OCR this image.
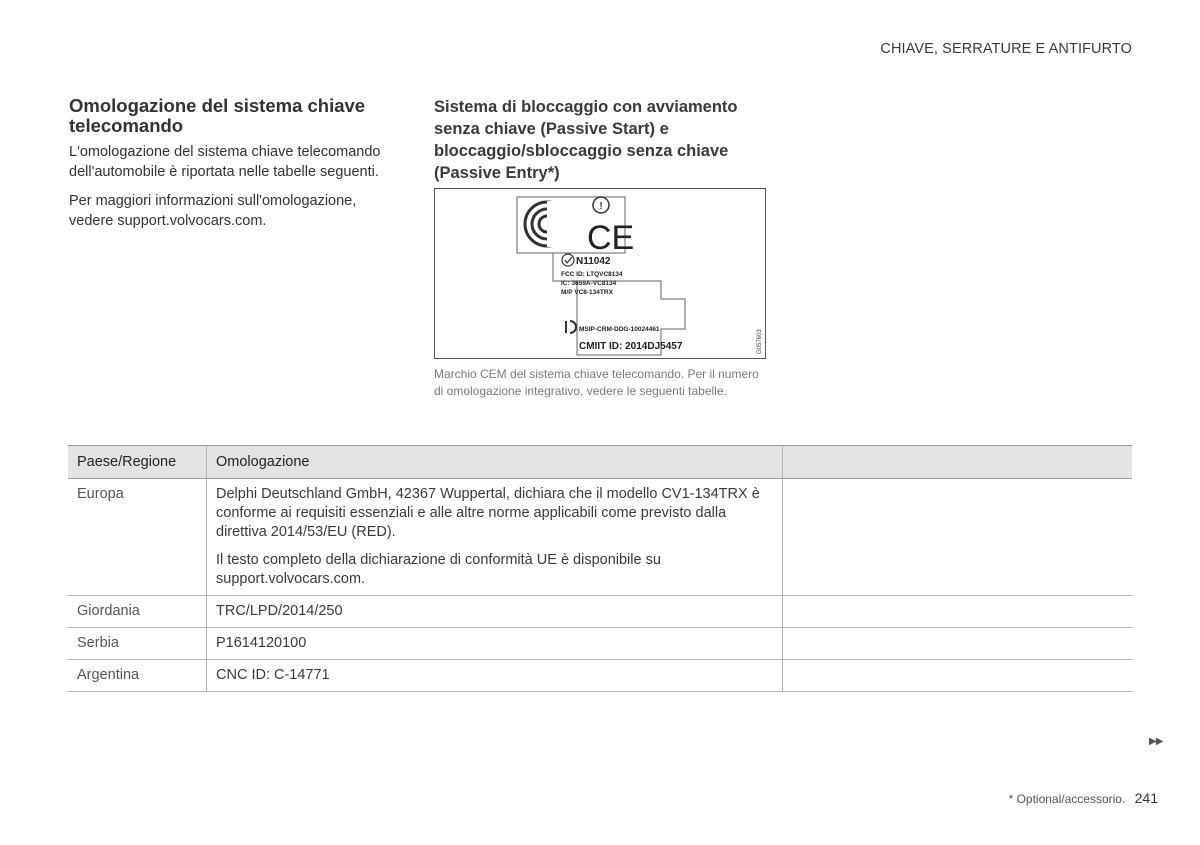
CHIAVE, SERRATURE E ANTIFURTO
Omologazione del sistema chiave telecomando

L'omologazione del sistema chiave telecomando dell'automobile è riportata nelle tabelle seguenti.

Per maggiori informazioni sull'omologazione, vedere support.volvocars.com.

Sistema di bloccaggio con avviamento senza chiave (Passive Start) e bloccaggio/sbloccaggio senza chiave (Passive Entry*)
!
CE
N11042
FCC ID: LTQVC8134
IC: 3659A-VC8134
M/P VC8-134TRX
MSIP-CRM-DDG-10024461
CMIIT ID: 2014DJ5457	G057603
Marchio CEM del sistema chiave telecomando. Per il numero di omologazione integrativo, vedere le seguenti tabelle.
Paese/Regione	Omologazione	
Europa	Delphi Deutschland GmbH, 42367 Wuppertal, dichiara che il modello CV1-134TRX è conforme ai requisiti essenziali e alle altre norme applicabili come previsto dalla direttiva 2014/53/EU (RED).

Il testo completo della dichiarazione di conformità UE è disponibile su support.volvocars.com.	

Giordania	TRC/LPD/2014/250	
Serbia	P1614120100	
Argentina	CNC ID: C-14771	
▶▶
* Optional/accessorio. 241
